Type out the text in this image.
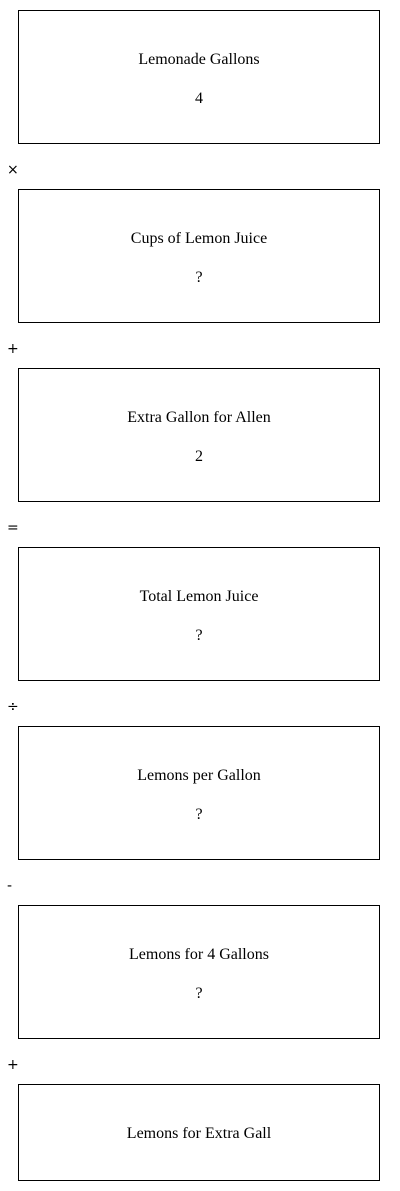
Lemonade Gallons
4
×
Cups of Lemon Juice
?
+
Extra Gallon for Allen
2
=
Total Lemon Juice
?
÷
Lemons per Gallon
?
-
Lemons for 4 Gallons
?
+
Lemons for Extra Gall
